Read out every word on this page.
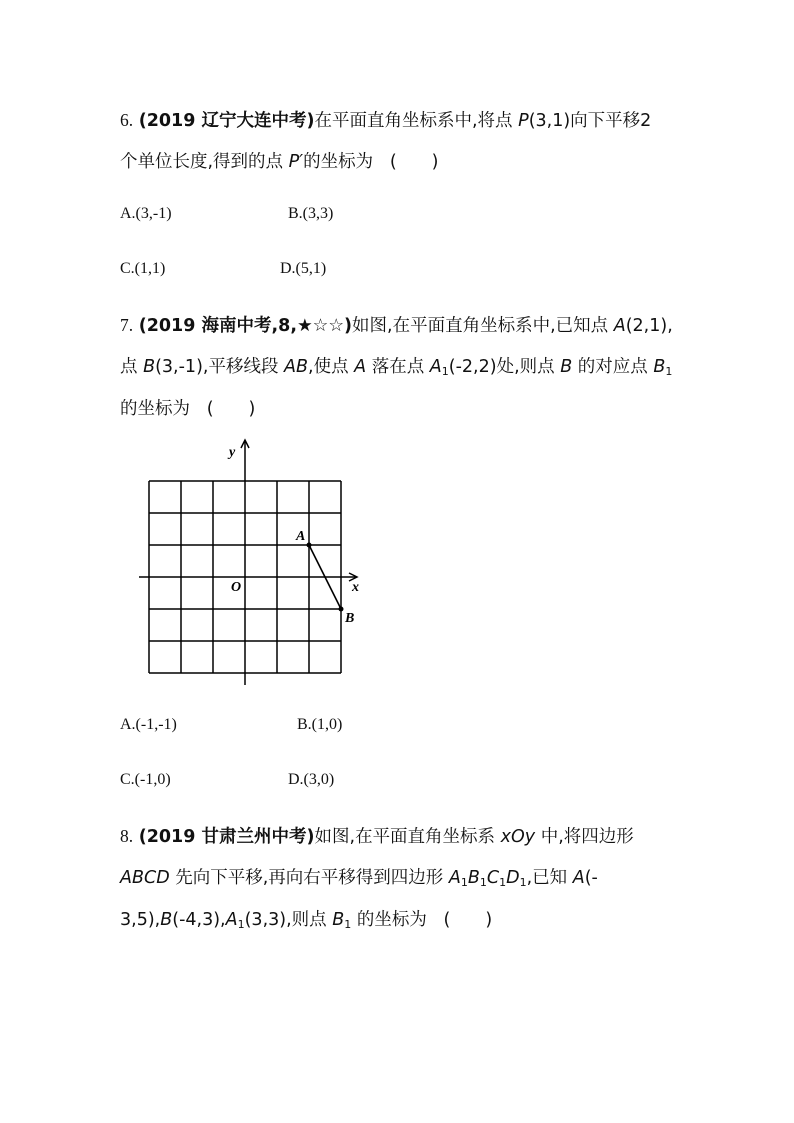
6. (2019 辽宁大连中考)在平面直角坐标系中,将点 P(3,1)向下平移2
个单位长度,得到的点 P′的坐标为 (　　)
A.(3,-1)	B.(3,3)
C.(1,1)	D.(5,1)
7. (2019 海南中考,8,★☆☆)如图,在平面直角坐标系中,已知点 A(2,1),
点 B(3,-1),平移线段 AB,使点 A 落在点 $A_1(-2,2)$处,则点 B 的对应点 $B_1$
的坐标为 (　　)
y
x
O
A
B
A.(-1,-1)	B.(1,0)
C.(-1,0)	D.(3,0)
8. (2019 甘肃兰州中考)如图,在平面直角坐标系 xOy 中,将四边形
ABCD 先向下平移,再向右平移得到四边形 $A_1B_1C_1D_1$,已知 A(-
$3,5),B(-4,3),A_1(3,3)$,则点 $B_1$ 的坐标为 (　　)
